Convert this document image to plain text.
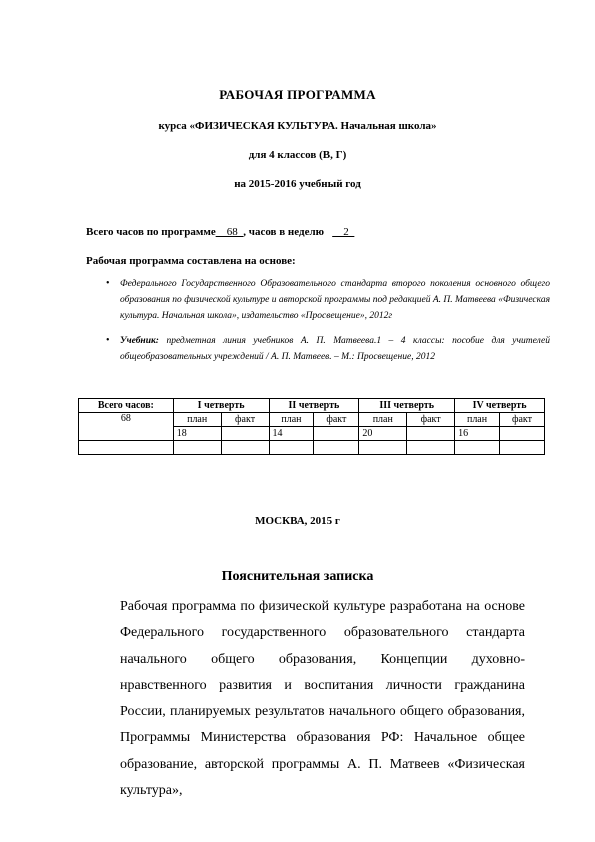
РАБОЧАЯ ПРОГРАММА
курса «ФИЗИЧЕСКАЯ КУЛЬТУРА. Начальная школа»
для 4 классов (В, Г)
на 2015-2016 учебный год
Всего часов по программе__68_, часов в неделю __2_
Рабочая программа составлена на основе:
• Федерального Государственного Образовательного стандарта второго поколения основного общего образования по физической культуре и авторской программы под редакцией А. П. Матвеева «Физическая культура. Начальная школа», издательство «Просвещение», 2012г
• Учебник: предметная линия учебников А. П. Матвеева.1 – 4 классы: пособие для учителей общеобразовательных учреждений / А. П. Матвеев. – М.: Просвещение, 2012
Всего часов:	I четверть		II четверть		III четверть		IV четверть	
68	план	факт	план	факт	план	факт	план	факт
	18		14		20		16	

МОСКВА, 2015 г
Пояснительная записка
Рабочая программа по физической культуре разработана на основе Федерального государственного образовательного стандарта начального общего образования, Концепции духовно-нравственного развития и воспитания личности гражданина России, планируемых результатов начального общего образования, Программы Министерства образования РФ: Начальное общее образование, авторской программы А. П. Матвеев «Физическая культура»,
